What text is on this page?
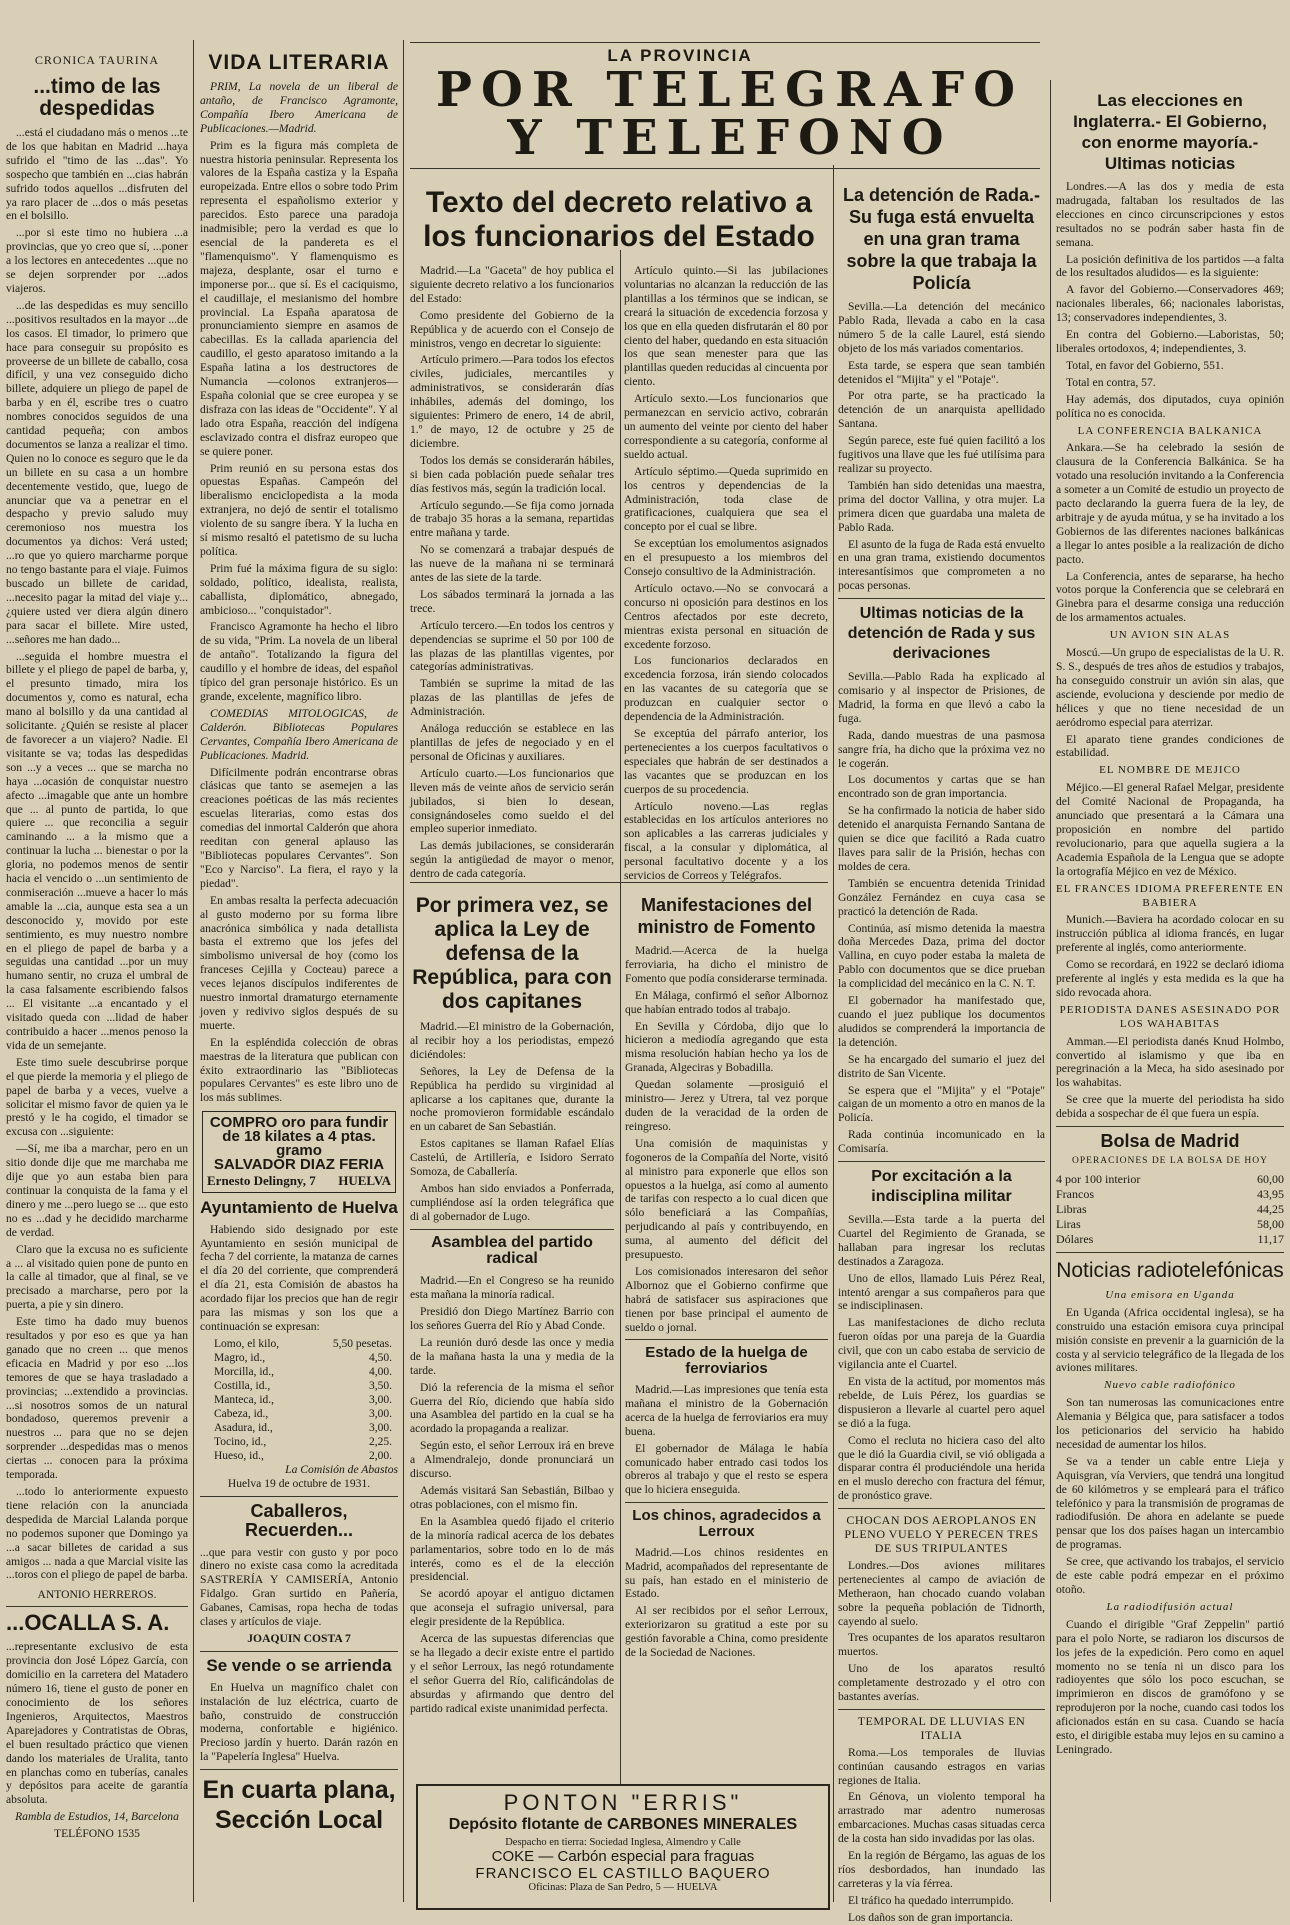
LA PROVINCIA
POR TELEGRAFO
Y TELEFONO
CRONICA TAURINA
...timo de las despedidas

...está el ciudadano más o menos ...te de los que habitan en Madrid ...haya sufrido el "timo de las ...das". Yo sospecho que también en ...cias habrán sufrido todos aquellos ...disfruten del ya raro placer de ...dos o más pesetas en el bolsillo.

...por si este timo no hubiera ...a provincias, que yo creo que sí, ...poner a los lectores en antecedentes ...que no se dejen sorprender por ...ados viajeros.

...de las despedidas es muy sencillo ...positivos resultados en la mayor ...de los casos. El timador, lo primero que hace para conseguir su propósito es proveerse de un billete de caballo, cosa difícil, y una vez conseguido dicho billete, adquiere un pliego de papel de barba y en él, escribe tres o cuatro nombres conocidos seguidos de una cantidad pequeña; con ambos documentos se lanza a realizar el timo. Quien no lo conoce es seguro que le da un billete en su casa a un hombre decentemente vestido, que, luego de anunciar que va a penetrar en el despacho y previo saludo muy ceremonioso nos muestra los documentos ya dichos: Verá usted; ...ro que yo quiero marcharme porque no tengo bastante para el viaje. Fuimos buscado un billete de caridad, ...necesito pagar la mitad del viaje y... ¿quiere usted ver diera algún dinero para sacar el billete. Mire usted, ...señores me han dado...

...seguida el hombre muestra el billete y el pliego de papel de barba, y, el presunto timado, mira los documentos y, como es natural, echa mano al bolsillo y da una cantidad al solicitante. ¿Quién se resiste al placer de favorecer a un viajero? Nadie. El visitante se va; todas las despedidas son ...y a veces ... que se marcha no haya ...ocasión de conquistar nuestro afecto ...imagable que ante un hombre que ... al punto de partida, lo que quiere ... que reconcilia a seguir caminando ... a la mismo que a continuar la lucha ... bienestar o por la gloria, no podemos menos de sentir hacia el vencido o ...un sentimiento de conmiseración ...mueve a hacer lo más amable la ...cia, aunque esta sea a un desconocido y, movido por este sentimiento, es muy nuestro nombre en el pliego de papel de barba y a seguidas una cantidad ...por un muy humano sentir, no cruza el umbral de la casa falsamente escribiendo falsos ... El visitante ...a encantado y el visitado queda con ...lidad de haber contribuido a hacer ...menos penoso la vida de un semejante.

Este timo suele descubrirse porque el que pierde la memoria y el pliego de papel de barba y a veces, vuelve a solicitar el mismo favor de quien ya le prestó y le ha cogido, el timador se excusa con ...siguiente:

—Sí, me iba a marchar, pero en un sitio donde dije que me marchaba me dije que yo aun estaba bien para continuar la conquista de la fama y el dinero y me ...pero luego se ... que esto no es ...dad y he decidido marcharme de verdad.

Claro que la excusa no es suficiente a ... al visitado quien pone de punto en la calle al timador, que al final, se ve precisado a marcharse, pero por la puerta, a pie y sin dinero.

Este timo ha dado muy buenos resultados y por eso es que ya han ganado que no creen ... que menos eficacia en Madrid y por eso ...los temores de que se haya trasladado a provincias; ...extendido a provincias. ...si nosotros somos de un natural bondadoso, queremos prevenir a nuestros ... para que no se dejen sorprender ...despedidas mas o menos ciertas ... conocen para la próxima temporada.

...todo lo anteriormente expuesto tiene relación con la anunciada despedida de Marcial Lalanda porque no podemos suponer que Domingo ya ...a sacar billetes de caridad a sus amigos ... nada a que Marcial visite las ...toros con el pliego de papel de barba.

ANTONIO HERREROS.
...OCALLA S. A.

...representante exclusivo de esta provincia don José López García, con domicilio en la carretera del Matadero número 16, tiene el gusto de poner en conocimiento de los señores Ingenieros, Arquitectos, Maestros Aparejadores y Contratistas de Obras, el buen resultado práctico que vienen dando los materiales de Uralita, tanto en planchas como en tuberías, canales y depósitos para aceite de garantía absoluta.

Rambla de Estudios, 14, Barcelona
TELÉFONO 1535
VIDA LITERARIA

PRIM, La novela de un liberal de antaño, de Francisco Agramonte, Compañía Ibero Americana de Publicaciones.—Madrid.

Prim es la figura más completa de nuestra historia peninsular. Representa los valores de la España castiza y la España europeizada. Entre ellos o sobre todo Prim representa el españolismo exterior y parecidos. Esto parece una paradoja inadmisible; pero la verdad es que lo esencial de la pandereta es el "flamenquismo". Y flamenquismo es majeza, desplante, osar el turno e imponerse por... que sí. Es el caciquismo, el caudillaje, el mesianismo del hombre provincial. La España aparatosa de pronunciamiento siempre en asamos de cabecillas. Es la callada apariencia del caudillo, el gesto aparatoso imitando a la España latina a los destructores de Numancia —colonos extranjeros— España colonial que se cree europea y se disfraza con las ideas de "Occidente". Y al lado otra España, reacción del indígena esclavizado contra el disfraz europeo que se quiere poner.

Prim reunió en su persona estas dos opuestas Españas. Campeón del liberalismo enciclopedista a la moda extranjera, no dejó de sentir el totalismo violento de su sangre íbera. Y la lucha en sí mismo resaltó el patetismo de su lucha política.

Prim fué la máxima figura de su siglo: soldado, político, idealista, realista, caballista, diplomático, abnegado, ambicioso... "conquistador".

Francisco Agramonte ha hecho el libro de su vida, "Prim. La novela de un liberal de antaño". Totalizando la figura del caudillo y el hombre de ideas, del español típico del gran personaje histórico. Es un grande, excelente, magnífico libro.

COMEDIAS MITOLOGICAS, de Calderón. Bibliotecas Populares Cervantes, Compañía Ibero Americana de Publicaciones. Madrid.

Difícilmente podrán encontrarse obras clásicas que tanto se asemejen a las creaciones poéticas de las más recientes escuelas literarias, como estas dos comedias del inmortal Calderón que ahora reeditan con general aplauso las "Bibliotecas populares Cervantes". Son "Eco y Narciso". La fiera, el rayo y la piedad".

En ambas resalta la perfecta adecuación al gusto moderno por su forma libre anacrónica simbólica y nada detallista basta el extremo que los jefes del simbolismo universal de hoy (como los franceses Cejilla y Cocteau) parece a veces lejanos discípulos indiferentes de nuestro inmortal dramaturgo eternamente joven y redivivo siglos después de su muerte.

En la espléndida colección de obras maestras de la literatura que publican con éxito extraordinario las "Bibliotecas populares Cervantes" es este libro uno de los más sublimes.

COMPRO oro para fundir
de 18 kilates a 4 ptas. gramo
SALVADOR DIAZ FERIA
Ernesto Delingny, 7 HUELVA
Ayuntamiento de Huelva

Habiendo sido designado por este Ayuntamiento en sesión municipal de fecha 7 del corriente, la matanza de carnes el día 20 del corriente, que comprenderá el día 21, esta Comisión de abastos ha acordado fijar los precios que han de regir para las mismas y son los que a continuación se expresan:

Lomo, el kilo,	5,50 pesetas.
Magro, id.,	4,50.
Morcilla, id.,	4,00.
Costilla, id.,	3,50.
Manteca, id.,	3,00.
Cabeza, id.,	3,00.
Asadura, id.,	3,00.
Tocino, id.,	2,25.
Hueso, id.,	2,00.
La Comisión de Abastos
Huelva 19 de octubre de 1931.
Caballeros, Recuerden...

...que para vestir con gusto y por poco dinero no existe casa como la acreditada SASTRERÍA Y CAMISERÍA, Antonio Fidalgo. Gran surtido en Pañería, Gabanes, Camisas, ropa hecha de todas clases y artículos de viaje.

JOAQUIN COSTA 7
Se vende o se arrienda

En Huelva un magnífico chalet con instalación de luz eléctrica, cuarto de baño, construido de construcción moderna, confortable e higiénico. Precioso jardín y huerto. Darán razón en la "Papelería Inglesa" Huelva.

En cuarta plana, Sección Local
Texto del decreto relativo a los funcionarios del Estado

Madrid.—La "Gaceta" de hoy publica el siguiente decreto relativo a los funcionarios del Estado:

Como presidente del Gobierno de la República y de acuerdo con el Consejo de ministros, vengo en decretar lo siguiente:

Artículo primero.—Para todos los efectos civiles, judiciales, mercantiles y administrativos, se considerarán días inhábiles, además del domingo, los siguientes: Primero de enero, 14 de abril, 1.º de mayo, 12 de octubre y 25 de diciembre.

Todos los demás se considerarán hábiles, si bien cada población puede señalar tres días festivos más, según la tradición local.

Artículo segundo.—Se fija como jornada de trabajo 35 horas a la semana, repartidas entre mañana y tarde.

No se comenzará a trabajar después de las nueve de la mañana ni se terminará antes de las siete de la tarde.

Los sábados terminará la jornada a las trece.

Artículo tercero.—En todos los centros y dependencias se suprime el 50 por 100 de las plazas de las plantillas vigentes, por categorías administrativas.

También se suprime la mitad de las plazas de las plantillas de jefes de Administración.

Análoga reducción se establece en las plantillas de jefes de negociado y en el personal de Oficinas y auxiliares.

Artículo cuarto.—Los funcionarios que lleven más de veinte años de servicio serán jubilados, si bien lo desean, consignándoseles como sueldo el del empleo superior inmediato.

Las demás jubilaciones, se considerarán según la antigüedad de mayor o menor, dentro de cada categoría.

Artículo quinto.—Si las jubilaciones voluntarias no alcanzan la reducción de las plantillas a los términos que se indican, se creará la situación de excedencia forzosa y los que en ella queden disfrutarán el 80 por ciento del haber, quedando en esta situación los que sean menester para que las plantillas queden reducidas al cincuenta por ciento.

Artículo sexto.—Los funcionarios que permanezcan en servicio activo, cobrarán un aumento del veinte por ciento del haber correspondiente a su categoría, conforme al sueldo actual.

Artículo séptimo.—Queda suprimido en los centros y dependencias de la Administración, toda clase de gratificaciones, cualquiera que sea el concepto por el cual se libre.

Se exceptúan los emolumentos asignados en el presupuesto a los miembros del Consejo consultivo de la Administración.

Artículo octavo.—No se convocará a concurso ni oposición para destinos en los Centros afectados por este decreto, mientras exista personal en situación de excedente forzoso.

Los funcionarios declarados en excedencia forzosa, irán siendo colocados en las vacantes de su categoría que se produzcan en cualquier sector o dependencia de la Administración.

Se exceptúa del párrafo anterior, los pertenecientes a los cuerpos facultativos o especiales que habrán de ser destinados a las vacantes que se produzcan en los cuerpos de su procedencia.

Artículo noveno.—Las reglas establecidas en los artículos anteriores no son aplicables a las carreras judiciales y fiscal, a la consular y diplomática, al personal facultativo docente y a los servicios de Correos y Telégrafos.

Por primera vez, se aplica la Ley de defensa de la República, para con dos capitanes

Madrid.—El ministro de la Gobernación, al recibir hoy a los periodistas, empezó diciéndoles:

Señores, la Ley de Defensa de la República ha perdido su virginidad al aplicarse a los capitanes que, durante la noche promovieron formidable escándalo en un cabaret de San Sebastián.

Estos capitanes se llaman Rafael Elías Castelú, de Artillería, e Isidoro Serrato Somoza, de Caballería.

Ambos han sido enviados a Ponferrada, cumpliéndose así la orden telegráfica que di al gobernador de Lugo.

Asamblea del partido radical

Madrid.—En el Congreso se ha reunido esta mañana la minoría radical.

Presidió don Diego Martínez Barrio con los señores Guerra del Río y Abad Conde.

La reunión duró desde las once y media de la mañana hasta la una y media de la tarde.

Dió la referencia de la misma el señor Guerra del Río, diciendo que había sido una Asamblea del partido en la cual se ha acordado la propaganda a realizar.

Según esto, el señor Lerroux irá en breve a Almendralejo, donde pronunciará un discurso.

Además visitará San Sebastián, Bilbao y otras poblaciones, con el mismo fin.

En la Asamblea quedó fijado el criterio de la minoría radical acerca de los debates parlamentarios, sobre todo en lo de más interés, como es el de la elección presidencial.

Se acordó apoyar el antiguo dictamen que aconseja el sufragio universal, para elegir presidente de la República.

Acerca de las supuestas diferencias que se ha llegado a decir existe entre el partido y el señor Lerroux, las negó rotundamente el señor Guerra del Río, calificándolas de absurdas y afirmando que dentro del partido radical existe unanimidad perfecta.

Manifestaciones del ministro de Fomento

Madrid.—Acerca de la huelga ferroviaria, ha dicho el ministro de Fomento que podía considerarse terminada.

En Málaga, confirmó el señor Albornoz que habían entrado todos al trabajo.

En Sevilla y Córdoba, dijo que lo hicieron a mediodía agregando que esta misma resolución habían hecho ya los de Granada, Algeciras y Bobadilla.

Quedan solamente —prosiguió el ministro— Jerez y Utrera, tal vez porque duden de la veracidad de la orden de reingreso.

Una comisión de maquinistas y fogoneros de la Compañía del Norte, visitó al ministro para exponerle que ellos son opuestos a la huelga, así como al aumento de tarifas con respecto a lo cual dicen que sólo beneficiará a las Compañías, perjudicando al país y contribuyendo, en suma, al aumento del déficit del presupuesto.

Los comisionados interesaron del señor Albornoz que el Gobierno confirme que habrá de satisfacer sus aspiraciones que tienen por base principal el aumento de sueldo o jornal.

Estado de la huelga de ferroviarios

Madrid.—Las impresiones que tenía esta mañana el ministro de la Gobernación acerca de la huelga de ferroviarios era muy buena.

El gobernador de Málaga le había comunicado haber entrado casi todos los obreros al trabajo y que el resto se espera que lo hiciera enseguida.

Los chinos, agradecidos a Lerroux

Madrid.—Los chinos residentes en Madrid, acompañados del representante de su país, han estado en el ministerio de Estado.

Al ser recibidos por el señor Lerroux, exteriorizaron su gratitud a este por su gestión favorable a China, como presidente de la Sociedad de Naciones.

La detención de Rada.-Su fuga está envuelta en una gran trama sobre la que trabaja la Policía

Sevilla.—La detención del mecánico Pablo Rada, llevada a cabo en la casa número 5 de la calle Laurel, está siendo objeto de los más variados comentarios.

Esta tarde, se espera que sean también detenidos el "Mijita" y el "Potaje".

Por otra parte, se ha practicado la detención de un anarquista apellidado Santana.

Según parece, este fué quien facilitó a los fugitivos una llave que les fué utilísima para realizar su proyecto.

También han sido detenidas una maestra, prima del doctor Vallina, y otra mujer. La primera dicen que guardaba una maleta de Pablo Rada.

El asunto de la fuga de Rada está envuelto en una gran trama, existiendo documentos interesantísimos que comprometen a no pocas personas.

Ultimas noticias de la detención de Rada y sus derivaciones

Sevilla.—Pablo Rada ha explicado al comisario y al inspector de Prisiones, de Madrid, la forma en que llevó a cabo la fuga.

Rada, dando muestras de una pasmosa sangre fría, ha dicho que la próxima vez no le cogerán.

Los documentos y cartas que se han encontrado son de gran importancia.

Se ha confirmado la noticia de haber sido detenido el anarquista Fernando Santana de quien se dice que facilitó a Rada cuatro llaves para salir de la Prisión, hechas con moldes de cera.

También se encuentra detenida Trinidad González Fernández en cuya casa se practicó la detención de Rada.

Continúa, así mismo detenida la maestra doña Mercedes Daza, prima del doctor Vallina, en cuyo poder estaba la maleta de Pablo con documentos que se dice prueban la complicidad del mecánico en la C. N. T.

El gobernador ha manifestado que, cuando el juez publique los documentos aludidos se comprenderá la importancia de la detención.

Se ha encargado del sumario el juez del distrito de San Vicente.

Se espera que el "Mijita" y el "Potaje" caigan de un momento a otro en manos de la Policía.

Rada continúa incomunicado en la Comisaría.

Por excitación a la indisciplina militar

Sevilla.—Esta tarde a la puerta del Cuartel del Regimiento de Granada, se hallaban para ingresar los reclutas destinados a Zaragoza.

Uno de ellos, llamado Luis Pérez Real, intentó arengar a sus compañeros para que se indisciplinasen.

Las manifestaciones de dicho recluta fueron oídas por una pareja de la Guardia civil, que con un cabo estaba de servicio de vigilancia ante el Cuartel.

En vista de la actitud, por momentos más rebelde, de Luis Pérez, los guardias se dispusieron a llevarle al cuartel pero aquel se dió a la fuga.

Como el recluta no hiciera caso del alto que le dió la Guardia civil, se vió obligada a disparar contra él produciéndole una herida en el muslo derecho con fractura del fémur, de pronóstico grave.

CHOCAN DOS AEROPLANOS EN PLENO VUELO Y PERECEN TRES DE SUS TRIPULANTES

Londres.—Dos aviones militares pertenecientes al campo de aviación de Metheraon, han chocado cuando volaban sobre la pequeña población de Tidnorth, cayendo al suelo.

Tres ocupantes de los aparatos resultaron muertos.

Uno de los aparatos resultó completamente destrozado y el otro con bastantes averías.

TEMPORAL DE LLUVIAS EN ITALIA

Roma.—Los temporales de lluvias continúan causando estragos en varias regiones de Italia.

En Génova, un violento temporal ha arrastrado mar adentro numerosas embarcaciones. Muchas casas situadas cerca de la costa han sido invadidas por las olas.

En la región de Bérgamo, las aguas de los ríos desbordados, han inundado las carreteras y la vía férrea.

El tráfico ha quedado interrumpido.

Los daños son de gran importancia.

PONTON "ERRIS"
Depósito flotante de CARBONES MINERALES
Despacho en tierra: Sociedad Inglesa, Almendro y Calle
COKE — Carbón especial para fraguas
FRANCISCO EL CASTILLO BAQUERO
Oficinas: Plaza de San Pedro, 5 — HUELVA
Las elecciones en Inglaterra.- El Gobierno, con enorme mayoría.-Ultimas noticias

Londres.—A las dos y media de esta madrugada, faltaban los resultados de las elecciones en cinco circunscripciones y estos resultados no se podrán saber hasta fin de semana.

La posición definitiva de los partidos —a falta de los resultados aludidos— es la siguiente:

A favor del Gobierno.—Conservadores 469; nacionales liberales, 66; nacionales laboristas, 13; conservadores independientes, 3.

En contra del Gobierno.—Laboristas, 50; liberales ortodoxos, 4; independientes, 3.

Total, en favor del Gobierno, 551.

Total en contra, 57.

Hay además, dos diputados, cuya opinión política no es conocida.

LA CONFERENCIA BALKANICA

Ankara.—Se ha celebrado la sesión de clausura de la Conferencia Balkánica. Se ha votado una resolución invitando a la Conferencia a someter a un Comité de estudio un proyecto de pacto declarando la guerra fuera de la ley, de arbitraje y de ayuda mútua, y se ha invitado a los Gobiernos de las diferentes naciones balkánicas a llegar lo antes posible a la realización de dicho pacto.

La Conferencia, antes de separarse, ha hecho votos porque la Conferencia que se celebrará en Ginebra para el desarme consiga una reducción de los armamentos actuales.

UN AVION SIN ALAS

Moscú.—Un grupo de especialistas de la U. R. S. S., después de tres años de estudios y trabajos, ha conseguido construir un avión sin alas, que asciende, evoluciona y desciende por medio de hélices y que no tiene necesidad de un aeródromo especial para aterrizar.

El aparato tiene grandes condiciones de estabilidad.

EL NOMBRE DE MEJICO

Méjico.—El general Rafael Melgar, presidente del Comité Nacional de Propaganda, ha anunciado que presentará a la Cámara una proposición en nombre del partido revolucionario, para que aquella sugiera a la Academia Española de la Lengua que se adopte la ortografía Méjico en vez de México.

EL FRANCES IDIOMA PREFERENTE EN BABIERA

Munich.—Baviera ha acordado colocar en su instrucción pública al idioma francés, en lugar preferente al inglés, como anteriormente.

Como se recordará, en 1922 se declaró idioma preferente al inglés y esta medida es la que ha sido revocada ahora.

PERIODISTA DANES ASESINADO POR LOS WAHABITAS

Amman.—El periodista danés Knud Holmbo, convertido al islamismo y que iba en peregrinación a la Meca, ha sido asesinado por los wahabitas.

Se cree que la muerte del periodista ha sido debida a sospechar de él que fuera un espía.

Bolsa de Madrid
OPERACIONES DE LA BOLSA DE HOY
4 por 100 interior	60,00
Francos	43,95
Libras	44,25
Liras	58,00
Dólares	11,17
Noticias radiotelefónicas
Una emisora en Uganda

En Uganda (Africa occidental inglesa), se ha construido una estación emisora cuya principal misión consiste en prevenir a la guarnición de la costa y al servicio telegráfico de la llegada de los aviones militares.

Nuevo cable radiofónico

Son tan numerosas las comunicaciones entre Alemania y Bélgica que, para satisfacer a todos los peticionarios del servicio ha habido necesidad de aumentar los hilos.

Se va a tender un cable entre Lieja y Aquisgran, vía Verviers, que tendrá una longitud de 60 kilómetros y se empleará para el tráfico telefónico y para la transmisión de programas de radiodifusión. De ahora en adelante se puede pensar que los dos países hagan un intercambio de programas.

Se cree, que activando los trabajos, el servicio de este cable podrá empezar en el próximo otoño.

La radiodifusión actual

Cuando el dirigible "Graf Zeppelin" partió para el polo Norte, se radiaron los discursos de los jefes de la expedición. Pero como en aquel momento no se tenía ni un disco para los radioyentes que sólo los poco escuchan, se imprimieron en discos de gramófono y se reprodujeron por la noche, cuando casi todos los aficionados están en su casa. Cuando se hacía esto, el dirigible estaba muy lejos en su camino a Leningrado.
